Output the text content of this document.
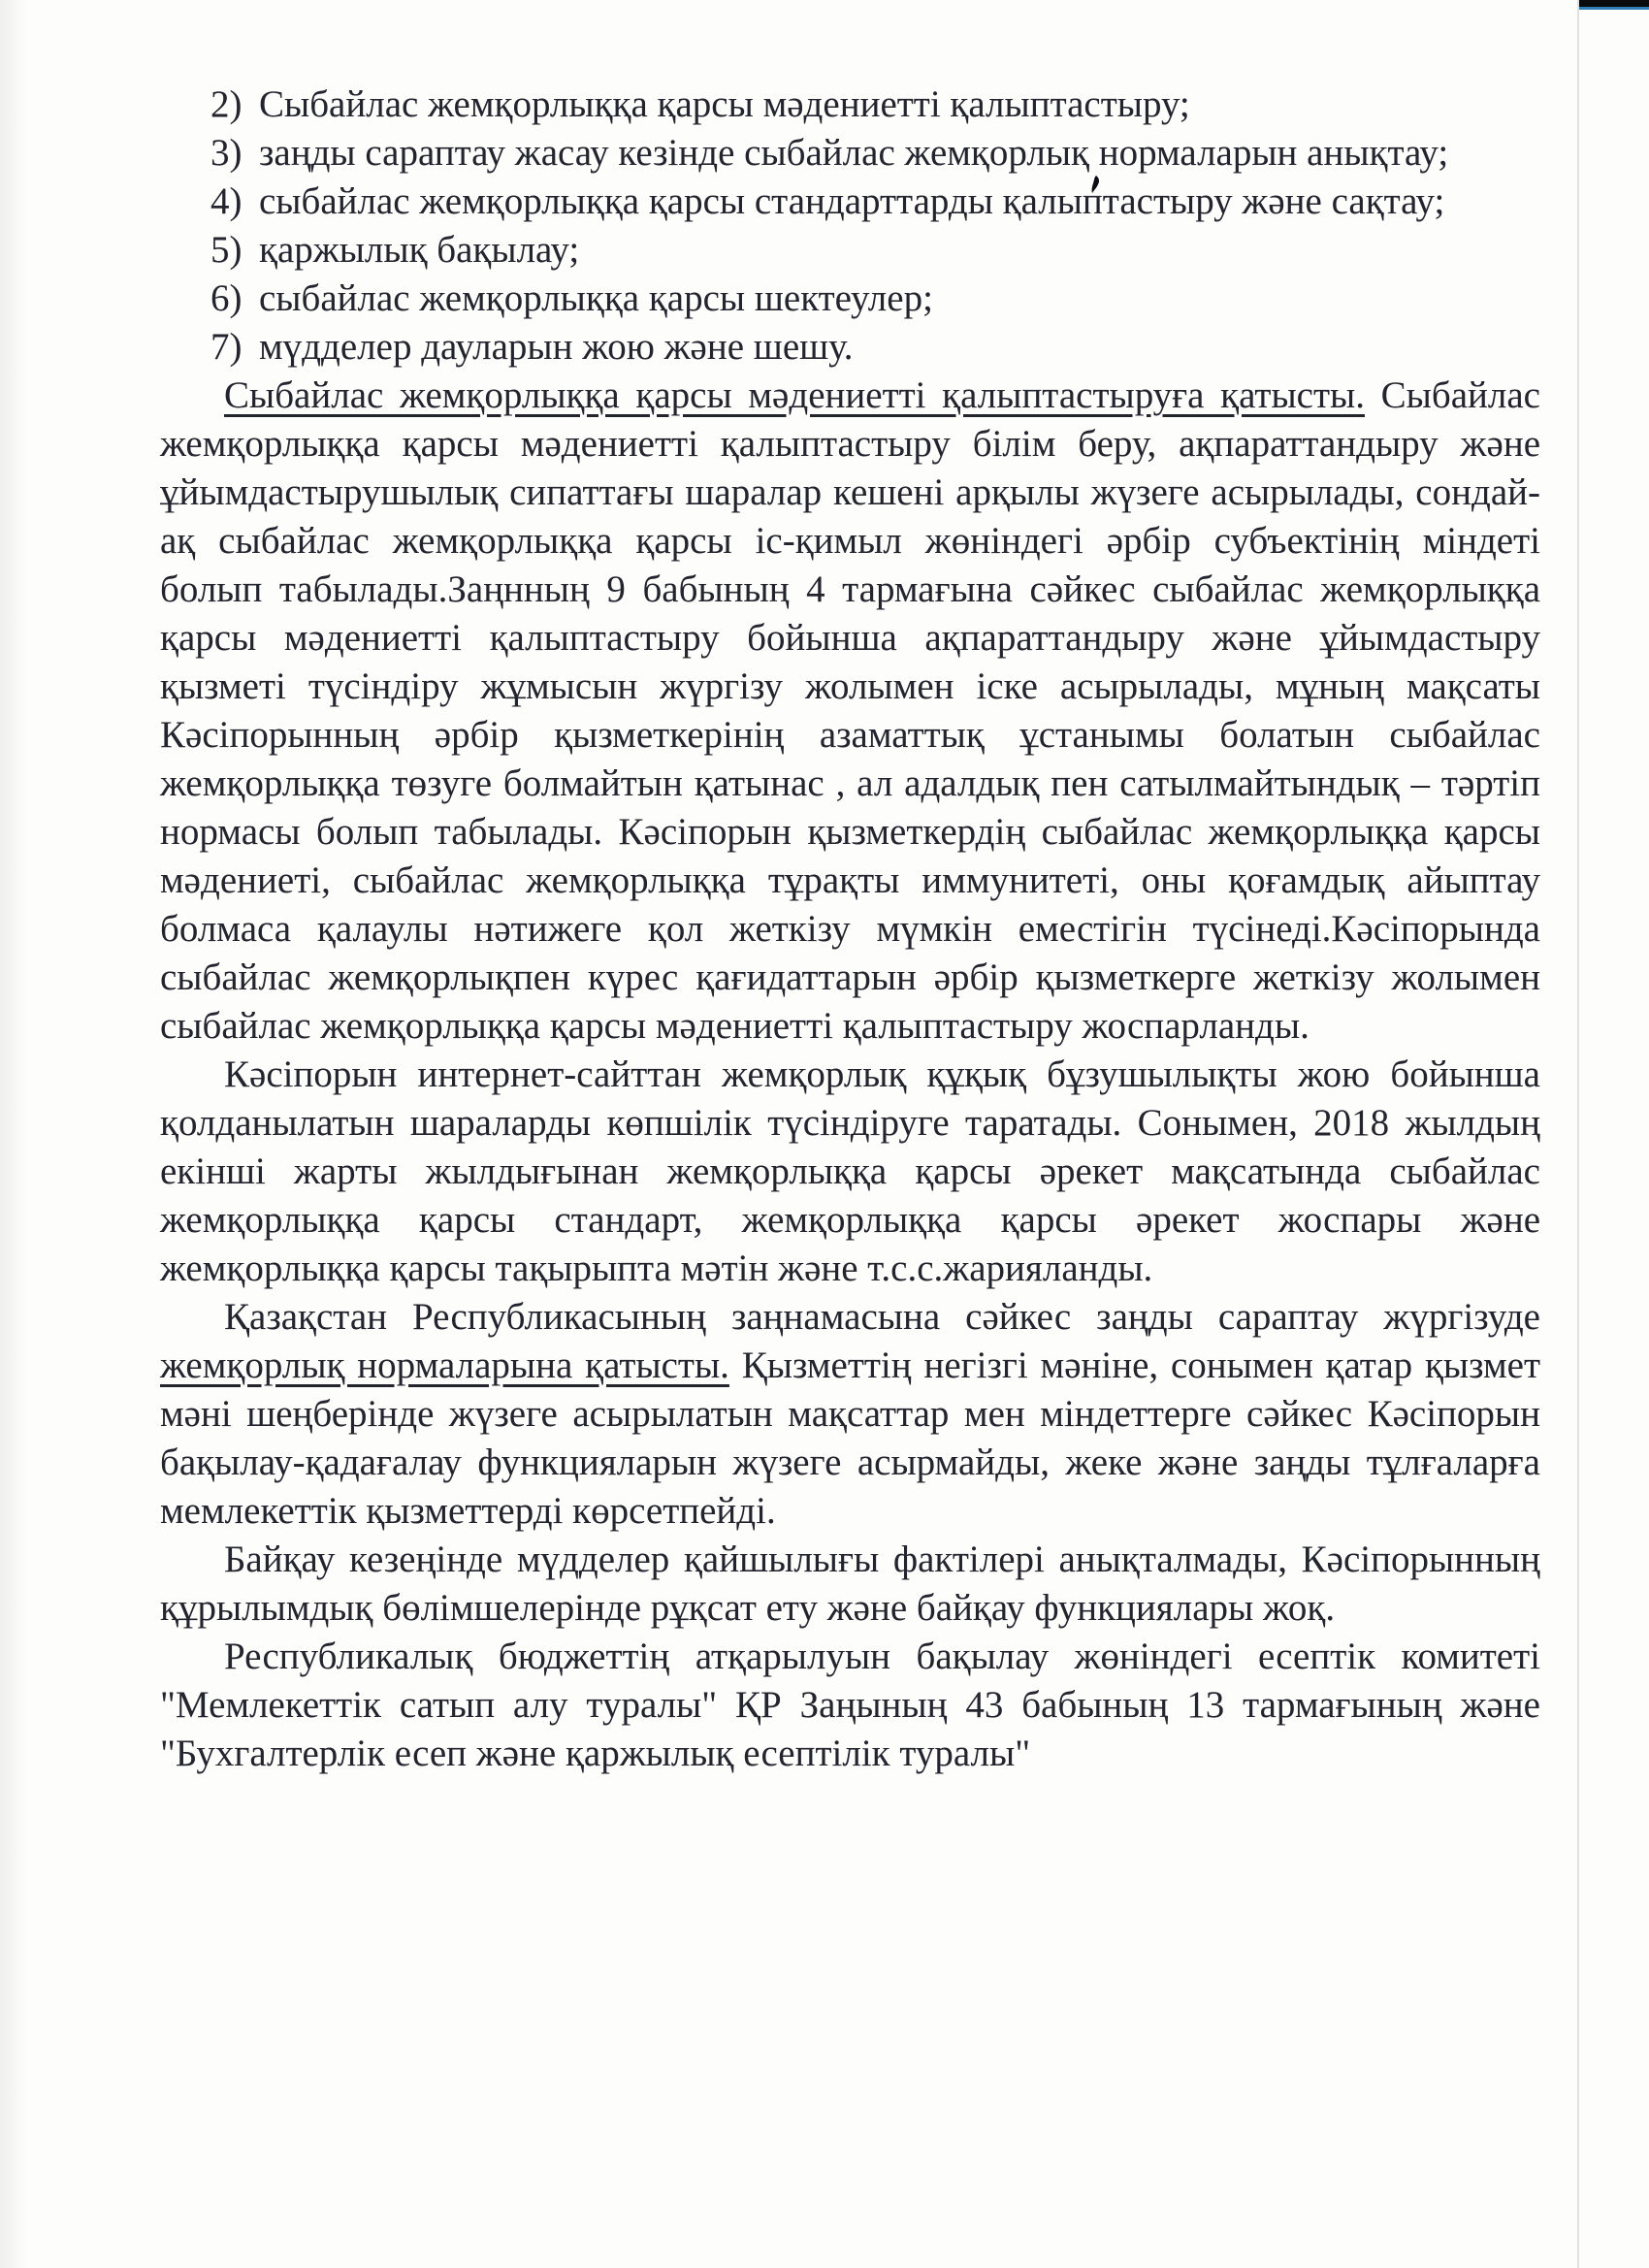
2) Сыбайлас жемқорлыққа қарсы мәдениетті қалыптастыру;
3) заңды сараптау жасау кезінде сыбайлас жемқорлық нормаларын анықтау;
4) сыбайлас жемқорлыққа қарсы стандарттарды қалыптастыру және сақтау;
5) қаржылық бақылау;
6) сыбайлас жемқорлыққа қарсы шектеулер;
7) мүдделер дауларын жою және шешу.

Сыбайлас жемқорлыққа қарсы мәдениетті қалыптастыруға қатысты. Сыбайлас жемқорлыққа қарсы мәдениетті қалыптастыру білім беру, ақпараттандыру және ұйымдастырушылық сипаттағы шаралар кешені арқылы жүзеге асырылады, сондай-ақ сыбайлас жемқорлыққа қарсы іс-қимыл жөніндегі әрбір субъектінің міндеті болып табылады.Заңнның 9 бабының 4 тармағына сәйкес сыбайлас жемқорлыққа қарсы мәдениетті қалыптастыру бойынша ақпараттандыру және ұйымдастыру қызметі түсіндіру жұмысын жүргізу жолымен іске асырылады, мұның мақсаты Кәсіпорынның әрбір қызметкерінің азаматтық ұстанымы болатын сыбайлас жемқорлыққа төзуге болмайтын қатынас , ал адалдық пен сатылмайтындық – тәртіп нормасы болып табылады. Кәсіпорын қызметкердің сыбайлас жемқорлыққа қарсы мәдениеті, сыбайлас жемқорлыққа тұрақты иммунитеті, оны қоғамдық айыптау болмаса қалаулы нәтижеге қол жеткізу мүмкін еместігін түсінеді.Кәсіпорында сыбайлас жемқорлықпен күрес қағидаттарын әрбір қызметкерге жеткізу жолымен сыбайлас жемқорлыққа қарсы мәдениетті қалыптастыру жоспарланды.

Кәсіпорын интернет-сайттан жемқорлық құқық бұзушылықты жою бойынша қолданылатын шараларды көпшілік түсіндіруге таратады. Сонымен, 2018 жылдың екінші жарты жылдығынан жемқорлыққа қарсы әрекет мақсатында сыбайлас жемқорлыққа қарсы стандарт, жемқорлыққа қарсы әрекет жоспары және жемқорлыққа қарсы тақырыпта мәтін және т.с.с.жарияланды.

Қазақстан Республикасының заңнамасына сәйкес заңды сараптау жүргізуде жемқорлық нормаларына қатысты. Қызметтің негізгі мәніне, сонымен қатар қызмет мәні шеңберінде жүзеге асырылатын мақсаттар мен міндеттерге сәйкес Кәсіпорын бақылау-қадағалау функцияларын жүзеге асырмайды, жеке және заңды тұлғаларға мемлекеттік қызметтерді көрсетпейді.

Байқау кезеңінде мүдделер қайшылығы фактілері анықталмады, Кәсіпорынның құрылымдық бөлімшелерінде рұқсат ету және байқау функциялары жоқ.

Республикалық бюджеттің атқарылуын бақылау жөніндегі есептік комитеті "Мемлекеттік сатып алу туралы" ҚР Заңының 43 бабының 13 тармағының және "Бухгалтерлік есеп және қаржылық есептілік туралы"
